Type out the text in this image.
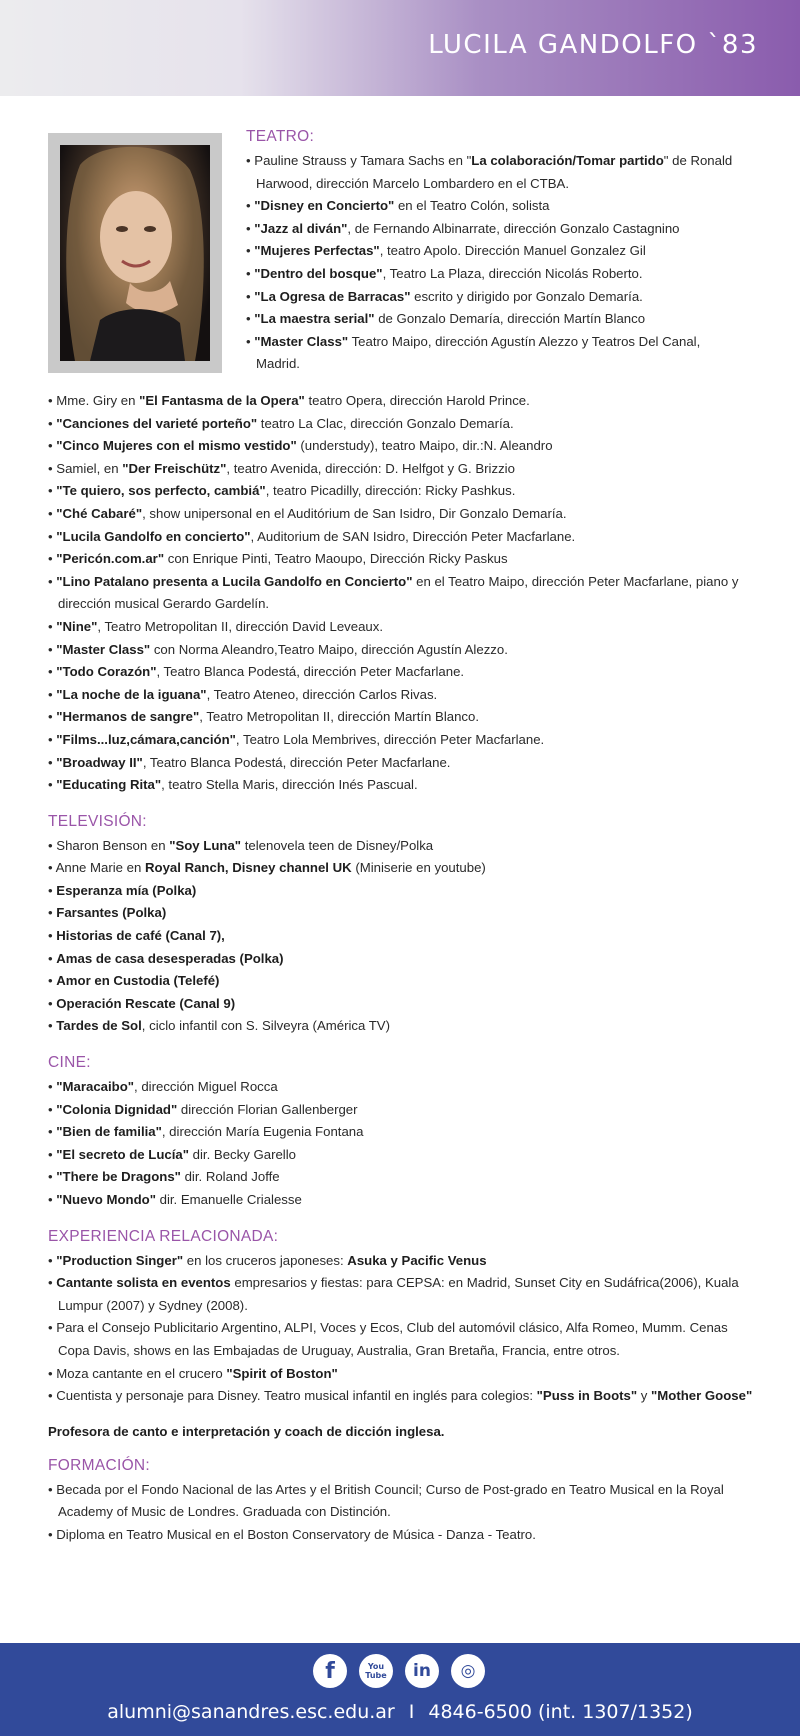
LUCILA GANDOLFO `83
TEATRO:
• Pauline Strauss y Tamara Sachs en "La colaboración/Tomar partido" de Ronald Harwood, dirección Marcelo Lombardero en el CTBA.
• "Disney en Concierto" en el Teatro Colón, solista
• "Jazz al diván", de Fernando Albinarrate, dirección Gonzalo Castagnino
• "Mujeres Perfectas", teatro Apolo. Dirección Manuel Gonzalez Gil
• "Dentro del bosque", Teatro La Plaza, dirección Nicolás Roberto.
• "La Ogresa de Barracas" escrito y dirigido por Gonzalo Demaría.
• "La maestra serial" de Gonzalo Demaría, dirección Martín Blanco
• "Master Class" Teatro Maipo, dirección Agustín Alezzo y Teatros Del Canal, Madrid.
• Mme. Giry en "El Fantasma de la Opera" teatro Opera, dirección Harold Prince.
• "Canciones del varieté porteño" teatro La Clac, dirección Gonzalo Demaría.
• "Cinco Mujeres con el mismo vestido" (understudy), teatro Maipo, dir.:N. Aleandro
• Samiel, en "Der Freischütz", teatro Avenida, dirección: D. Helfgot y G. Brizzio
• "Te quiero, sos perfecto, cambiá", teatro Picadilly, dirección: Ricky Pashkus.
• "Ché Cabaré", show unipersonal en el Auditórium de San Isidro, Dir Gonzalo Demaría.
• "Lucila Gandolfo en concierto", Auditorium de SAN Isidro, Dirección Peter Macfarlane.
• "Pericón.com.ar" con Enrique Pinti, Teatro Maoupo, Dirección Ricky Paskus
• "Lino Patalano presenta a Lucila Gandolfo en Concierto" en el Teatro Maipo, dirección Peter Macfarlane, piano y dirección musical Gerardo Gardelín.
• "Nine", Teatro Metropolitan II, dirección David Leveaux.
• "Master Class" con Norma Aleandro,Teatro Maipo, dirección Agustín Alezzo.
• "Todo Corazón", Teatro Blanca Podestá, dirección Peter Macfarlane.
• "La noche de la iguana", Teatro Ateneo, dirección Carlos Rivas.
• "Hermanos de sangre", Teatro Metropolitan II, dirección Martín Blanco.
• "Films...luz,cámara,canción", Teatro Lola Membrives, dirección Peter Macfarlane.
• "Broadway II", Teatro Blanca Podestá, dirección Peter Macfarlane.
• "Educating Rita", teatro Stella Maris, dirección Inés Pascual.
TELEVISIÓN:
• Sharon Benson en "Soy Luna" telenovela teen de Disney/Polka
• Anne Marie en Royal Ranch, Disney channel UK (Miniserie en youtube)
• Esperanza mía (Polka)
• Farsantes (Polka)
• Historias de café (Canal 7),
• Amas de casa desesperadas (Polka)
• Amor en Custodia (Telefé)
• Operación Rescate (Canal 9)
• Tardes de Sol, ciclo infantil con S. Silveyra (América TV)
CINE:
• "Maracaibo", dirección Miguel Rocca
• "Colonia Dignidad" dirección Florian Gallenberger
• "Bien de familia", dirección María Eugenia Fontana
• "El secreto de Lucía" dir. Becky Garello
• "There be Dragons" dir. Roland Joffe
• "Nuevo Mondo" dir. Emanuelle Crialesse
EXPERIENCIA RELACIONADA:
• "Production Singer" en los cruceros japoneses: Asuka y Pacific Venus
• Cantante solista en eventos empresarios y fiestas: para CEPSA: en Madrid, Sunset City en Sudáfrica(2006), Kuala Lumpur (2007) y Sydney (2008).
• Para el Consejo Publicitario Argentino, ALPI, Voces y Ecos, Club del automóvil clásico, Alfa Romeo, Mumm. Cenas Copa Davis, shows en las Embajadas de Uruguay, Australia, Gran Bretaña, Francia, entre otros.
• Moza cantante en el crucero "Spirit of Boston"
• Cuentista y personaje para Disney. Teatro musical infantil en inglés para colegios: "Puss in Boots" y "Mother Goose"
Profesora de canto e interpretación y coach de dicción inglesa.
FORMACIÓN:
• Becada por el Fondo Nacional de las Artes y el British Council; Curso de Post-grado en Teatro Musical en la Royal Academy of Music de Londres. Graduada con Distinción.
• Diploma en Teatro Musical en el Boston Conservatory de Música - Danza - Teatro.
f	You
Tube	in	◎
alumni@sanandres.esc.edu.ar I 4846-6500 (int. 1307/1352)
